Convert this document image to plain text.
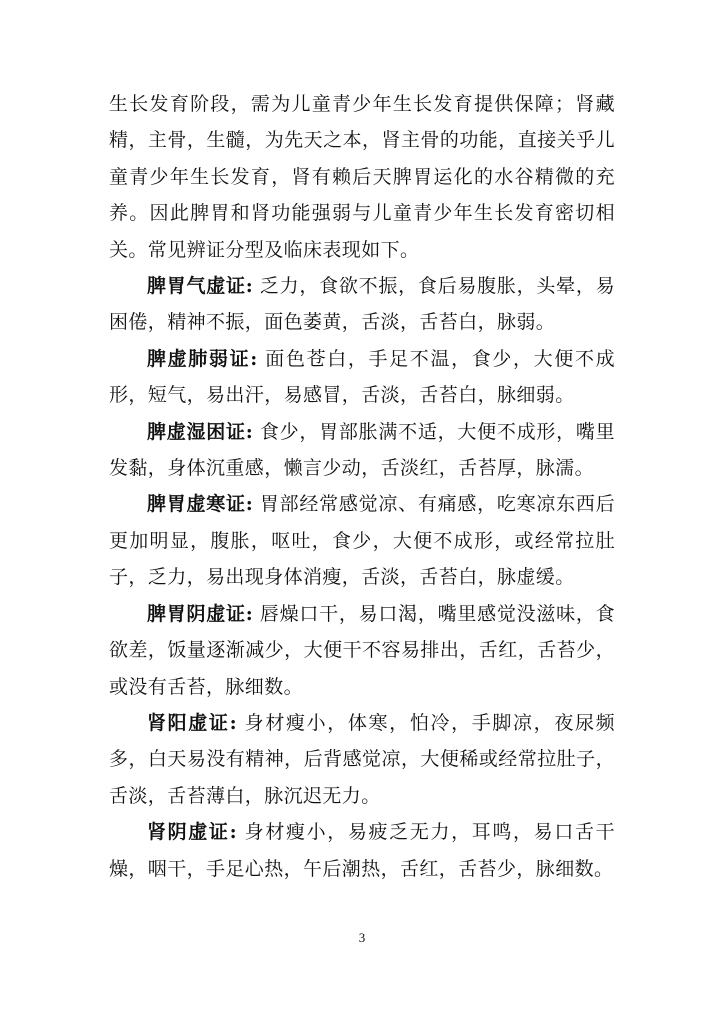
生长发育阶段，需为儿童青少年生长发育提供保障；肾藏精，主骨，生髓，为先天之本，肾主骨的功能，直接关乎儿童青少年生长发育，肾有赖后天脾胃运化的水谷精微的充养。因此脾胃和肾功能强弱与儿童青少年生长发育密切相关。常见辨证分型及临床表现如下。

脾胃气虚证: 乏力，食欲不振，食后易腹胀，头晕，易困倦，精神不振，面色萎黄，舌淡，舌苔白，脉弱。

脾虚肺弱证: 面色苍白，手足不温，食少，大便不成形，短气，易出汗，易感冒，舌淡，舌苔白，脉细弱。

脾虚湿困证: 食少，胃部胀满不适，大便不成形，嘴里发黏，身体沉重感，懒言少动，舌淡红，舌苔厚，脉濡。

脾胃虚寒证: 胃部经常感觉凉、有痛感，吃寒凉东西后更加明显，腹胀，呕吐，食少，大便不成形，或经常拉肚子，乏力，易出现身体消瘦，舌淡，舌苔白，脉虚缓。

脾胃阴虚证: 唇燥口干，易口渴，嘴里感觉没滋味，食欲差，饭量逐渐减少，大便干不容易排出，舌红，舌苔少，或没有舌苔，脉细数。

肾阳虚证: 身材瘦小，体寒，怕冷，手脚凉，夜尿频多，白天易没有精神，后背感觉凉，大便稀或经常拉肚子，舌淡，舌苔薄白，脉沉迟无力。

肾阴虚证: 身材瘦小，易疲乏无力，耳鸣，易口舌干燥，咽干，手足心热，午后潮热，舌红，舌苔少，脉细数。

3
